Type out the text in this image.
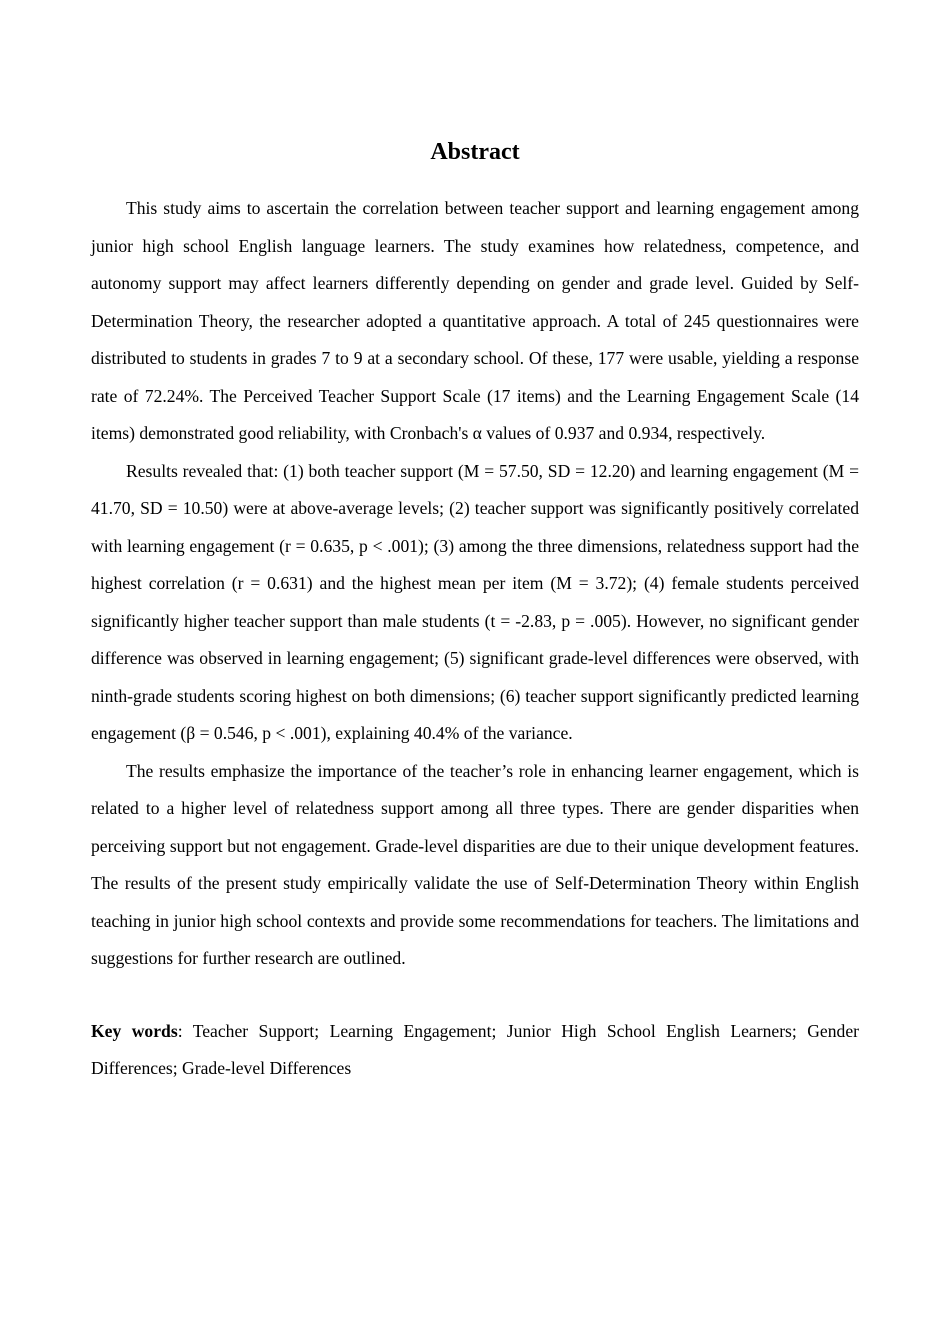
Abstract

This study aims to ascertain the correlation between teacher support and learning engagement among junior high school English language learners. The study examines how relatedness, competence, and autonomy support may affect learners differently depending on gender and grade level. Guided by Self-Determination Theory, the researcher adopted a quantitative approach. A total of 245 questionnaires were distributed to students in grades 7 to 9 at a secondary school. Of these, 177 were usable, yielding a response rate of 72.24%. The Perceived Teacher Support Scale (17 items) and the Learning Engagement Scale (14 items) demonstrated good reliability, with Cronbach's α values of 0.937 and 0.934, respectively.

Results revealed that: (1) both teacher support (M = 57.50, SD = 12.20) and learning engagement (M = 41.70, SD = 10.50) were at above-average levels; (2) teacher support was significantly positively correlated with learning engagement (r = 0.635, p < .001); (3) among the three dimensions, relatedness support had the highest correlation (r = 0.631) and the highest mean per item (M = 3.72); (4) female students perceived significantly higher teacher support than male students (t = -2.83, p = .005). However, no significant gender difference was observed in learning engagement; (5) significant grade-level differences were observed, with ninth-grade students scoring highest on both dimensions; (6) teacher support significantly predicted learning engagement (β = 0.546, p < .001), explaining 40.4% of the variance.

The results emphasize the importance of the teacher’s role in enhancing learner engagement, which is related to a higher level of relatedness support among all three types. There are gender disparities when perceiving support but not engagement. Grade-level disparities are due to their unique development features. The results of the present study empirically validate the use of Self-Determination Theory within English teaching in junior high school contexts and provide some recommendations for teachers. The limitations and suggestions for further research are outlined.

Key words: Teacher Support; Learning Engagement; Junior High School English Learners; Gender Differences; Grade-level Differences
